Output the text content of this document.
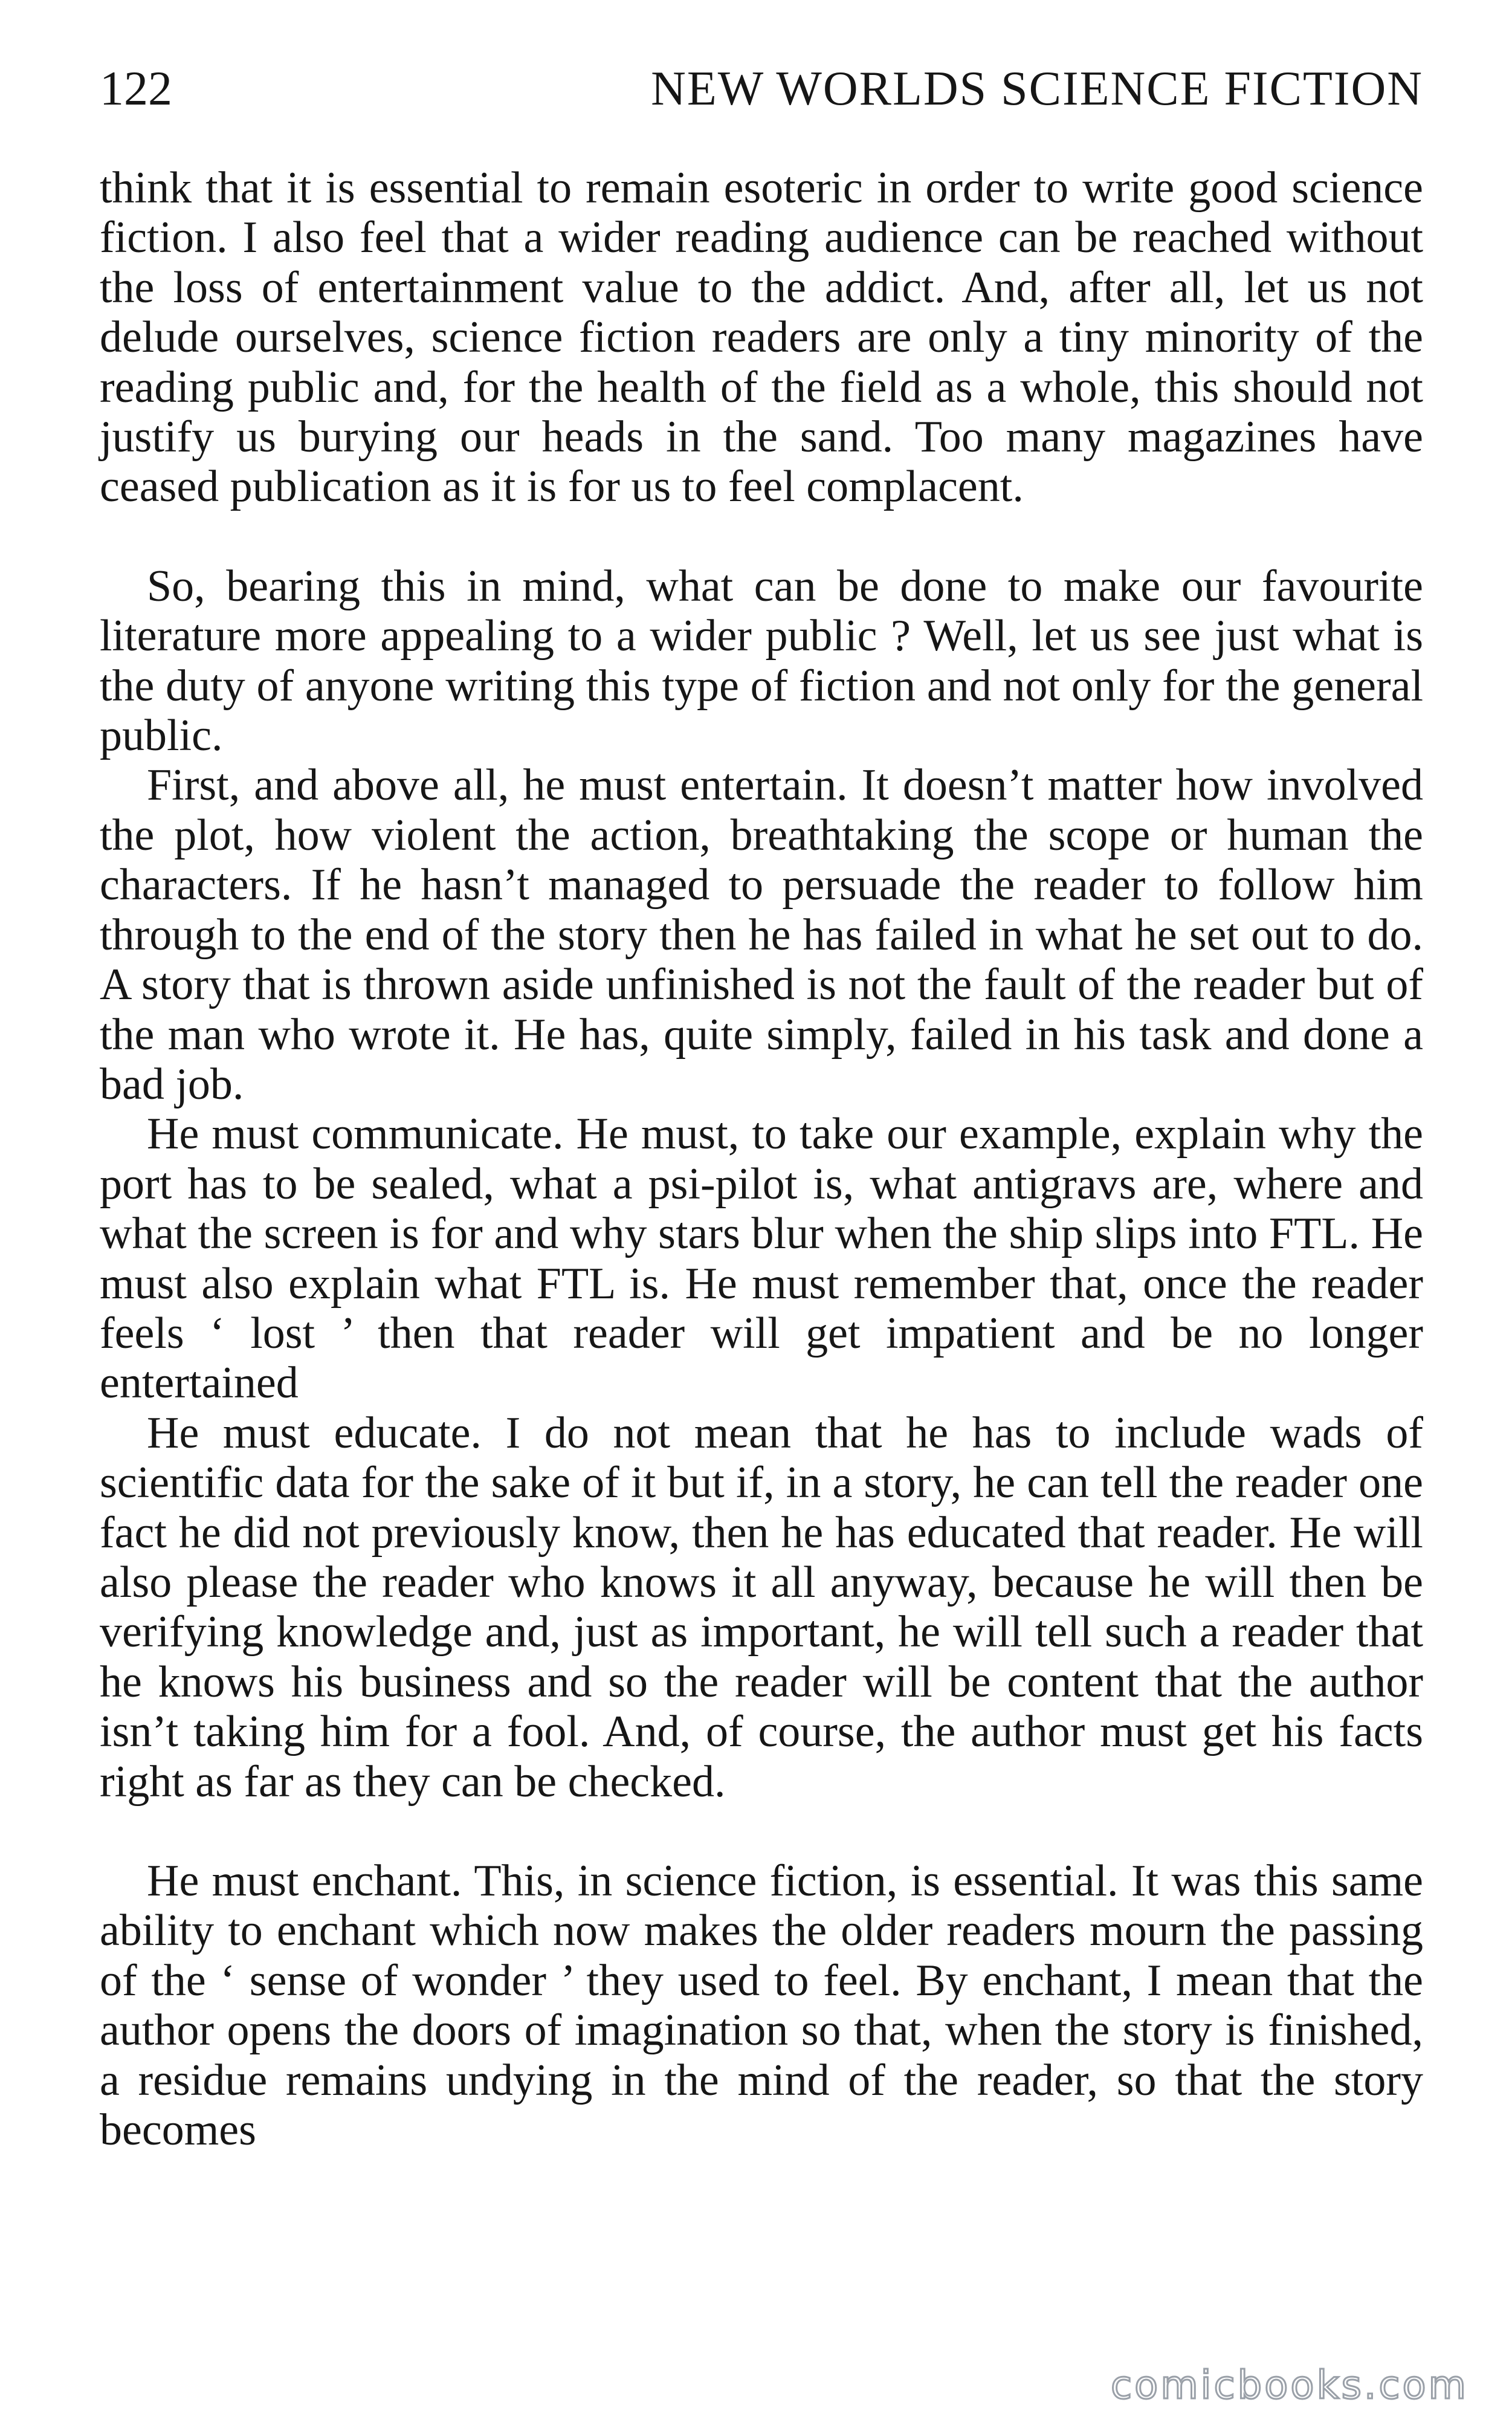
122	NEW WORLDS SCIENCE FICTION

think that it is essential to remain esoteric in order to write good science fiction. I also feel that a wider reading audience can be reached without the loss of entertainment value to the addict. And, after all, let us not delude ourselves, science fiction readers are only a tiny minority of the reading public and, for the health of the field as a whole, this should not justify us burying our heads in the sand. Too many magazines have ceased publication as it is for us to feel complacent.

So, bearing this in mind, what can be done to make our favourite literature more appealing to a wider public ? Well, let us see just what is the duty of anyone writing this type of fiction and not only for the general public.

First, and above all, he must entertain. It doesn’t matter how involved the plot, how violent the action, breathtaking the scope or human the characters. If he hasn’t managed to persuade the reader to follow him through to the end of the story then he has failed in what he set out to do. A story that is thrown aside unfinished is not the fault of the reader but of the man who wrote it. He has, quite simply, failed in his task and done a bad job.

He must communicate. He must, to take our example, explain why the port has to be sealed, what a psi-pilot is, what antigravs are, where and what the screen is for and why stars blur when the ship slips into FTL. He must also explain what FTL is. He must remember that, once the reader feels ‘ lost ’ then that reader will get impatient and be no longer entertained

He must educate. I do not mean that he has to include wads of scientific data for the sake of it but if, in a story, he can tell the reader one fact he did not previously know, then he has educated that reader. He will also please the reader who knows it all anyway, because he will then be verifying knowledge and, just as important, he will tell such a reader that he knows his business and so the reader will be content that the author isn’t taking him for a fool. And, of course, the author must get his facts right as far as they can be checked.

He must enchant. This, in science fiction, is essential. It was this same ability to enchant which now makes the older readers mourn the passing of the ‘ sense of wonder ’ they used to feel. By enchant, I mean that the author opens the doors of imagination so that, when the story is finished, a residue remains undying in the mind of the reader, so that the story becomes

comicbooks.com
